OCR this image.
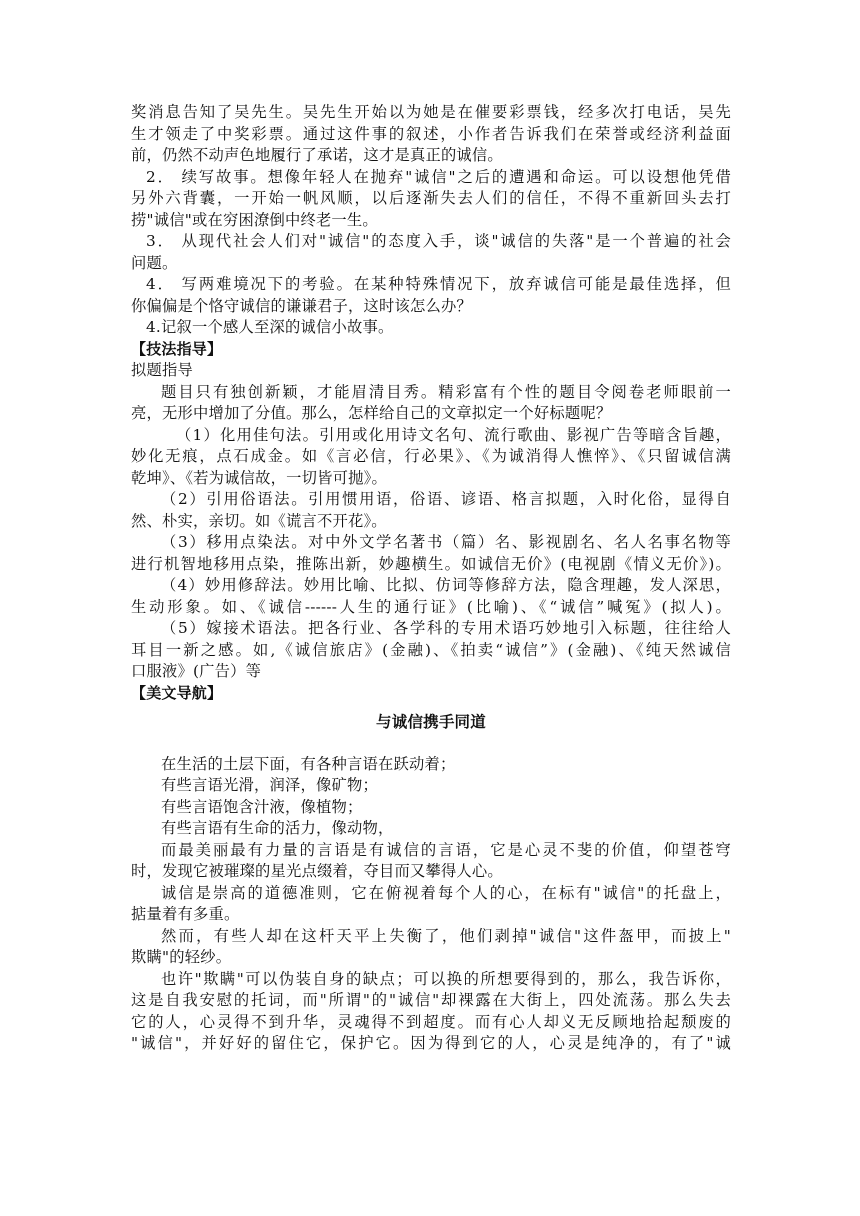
奖消息告知了吴先生。吴先生开始以为她是在催要彩票钱，经多次打电话，吴先
生才领走了中奖彩票。通过这件事的叙述，小作者告诉我们在荣誉或经济利益面
前，仍然不动声色地履行了承诺，这才是真正的诚信。
2． 续写故事。想像年轻人在抛弃"诚信"之后的遭遇和命运。可以设想他凭借
另外六背囊，一开始一帆风顺，以后逐渐失去人们的信任，不得不重新回头去打
捞"诚信"或在穷困潦倒中终老一生。
3． 从现代社会人们对"诚信"的态度入手，谈"诚信的失落"是一个普遍的社会
问题。
4． 写两难境况下的考验。在某种特殊情况下，放弃诚信可能是最佳选择，但
你偏偏是个恪守诚信的谦谦君子，这时该怎么办？
4.记叙一个感人至深的诚信小故事。
【技法指导】
拟题指导
题目只有独创新颖，才能眉清目秀。精彩富有个性的题目令阅卷老师眼前一
亮，无形中增加了分值。那么，怎样给自己的文章拟定一个好标题呢？
（1）化用佳句法。引用或化用诗文名句、流行歌曲、影视广告等暗含旨趣，
妙化无痕，点石成金。如《言必信，行必果》、《为诚消得人憔悴》、《只留诚信满
乾坤》、《若为诚信故，一切皆可抛》。
（2）引用俗语法。引用惯用语，俗语、谚语、格言拟题，入时化俗，显得自
然、朴实，亲切。如《谎言不开花》。
（3）移用点染法。对中外文学名著书（篇）名、影视剧名、名人名事名物等
进行机智地移用点染，推陈出新，妙趣横生。如诚信无价》(电视剧《情义无价》)。
（4）妙用修辞法。妙用比喻、比拟、仿词等修辞方法，隐含理趣，发人深思，
生动形象。如、《诚信------人生的通行证》(比喻)、《“诚信”喊冤》(拟人)。
（5）嫁接术语法。把各行业、各学科的专用术语巧妙地引入标题，往往给人
耳目一新之感。如,《诚信旅店》(金融)、《拍卖“诚信”》(金融)、《纯天然诚信
口服液》(广告）等
【美文导航】
与诚信携手同道
在生活的土层下面，有各种言语在跃动着；
有些言语光滑，润泽，像矿物；
有些言语饱含汁液，像植物；
有些言语有生命的活力，像动物，
而最美丽最有力量的言语是有诚信的言语，它是心灵不斐的价值，仰望苍穹
时，发现它被璀璨的星光点缀着，夺目而又攀得人心。
诚信是崇高的道德准则，它在俯视着每个人的心，在标有"诚信"的托盘上，
掂量着有多重。
然而，有些人却在这杆天平上失衡了，他们剥掉"诚信"这件盔甲，而披上"
欺瞒"的轻纱。
也许"欺瞒"可以伪装自身的缺点；可以换的所想要得到的，那么，我告诉你，
这是自我安慰的托词，而"所谓"的"诚信"却裸露在大街上，四处流荡。那么失去
它的人，心灵得不到升华，灵魂得不到超度。而有心人却义无反顾地拾起颓废的
"诚信"，并好好的留住它，保护它。因为得到它的人，心灵是纯净的，有了"诚
